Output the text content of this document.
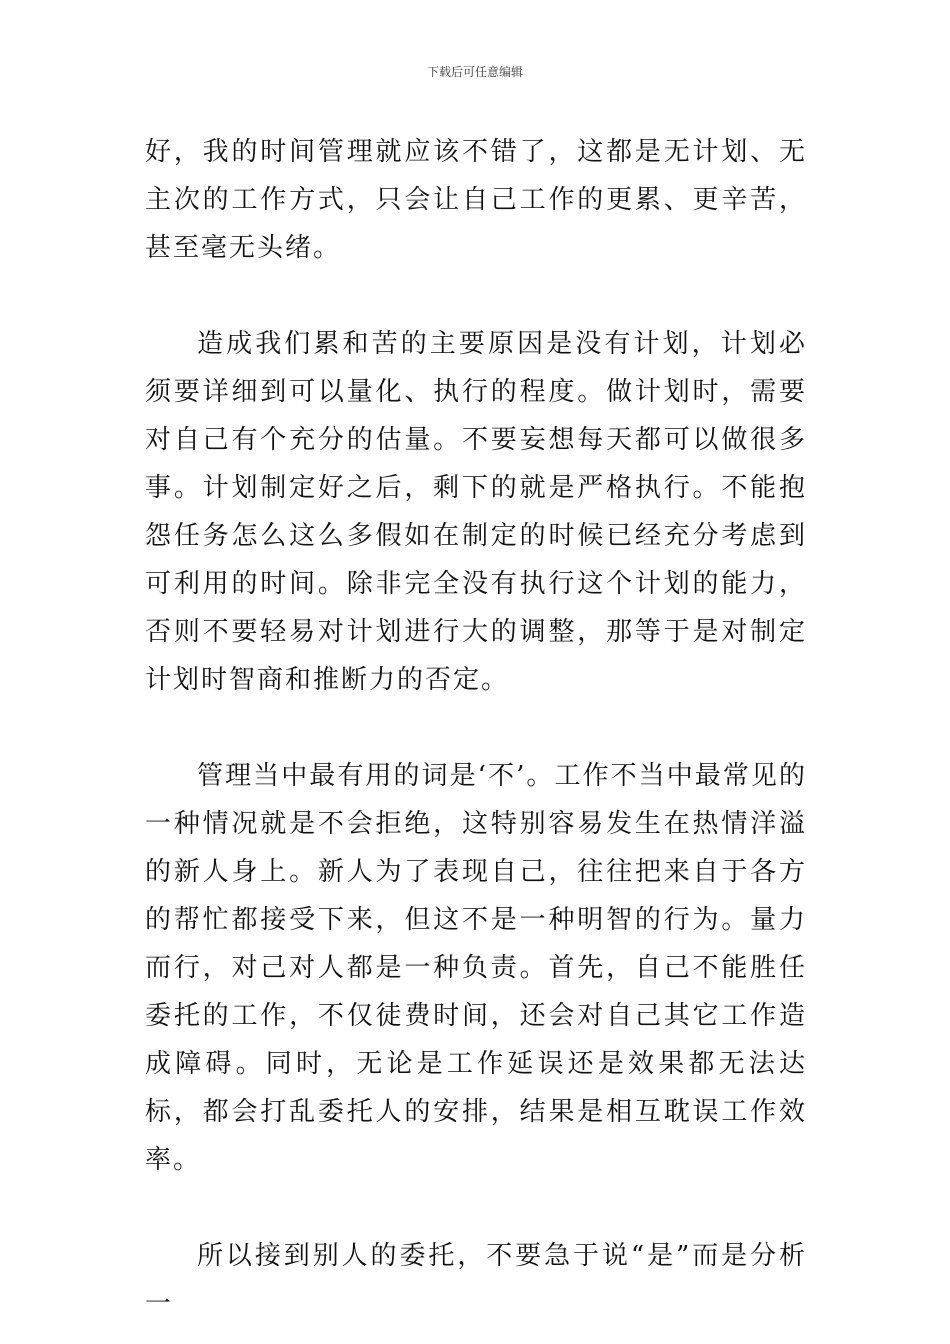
下载后可任意编辑

好，我的时间管理就应该不错了，这都是无计划、无主次的工作方式，只会让自己工作的更累、更辛苦，甚至毫无头绪。

造成我们累和苦的主要原因是没有计划，计划必须要详细到可以量化、执行的程度。做计划时，需要对自己有个充分的估量。不要妄想每天都可以做很多事。计划制定好之后，剩下的就是严格执行。不能抱怨任务怎么这么多假如在制定的时候已经充分考虑到可利用的时间。除非完全没有执行这个计划的能力，否则不要轻易对计划进行大的调整，那等于是对制定计划时智商和推断力的否定。

管理当中最有用的词是‘不’。工作不当中最常见的一种情况就是不会拒绝，这特别容易发生在热情洋溢的新人身上。新人为了表现自己，往往把来自于各方的帮忙都接受下来，但这不是一种明智的行为。量力而行，对己对人都是一种负责。首先，自己不能胜任委托的工作，不仅徒费时间，还会对自己其它工作造成障碍。同时，无论是工作延误还是效果都无法达标，都会打乱委托人的安排，结果是相互耽误工作效率。

所以接到别人的委托，不要急于说“是”而是分析一
